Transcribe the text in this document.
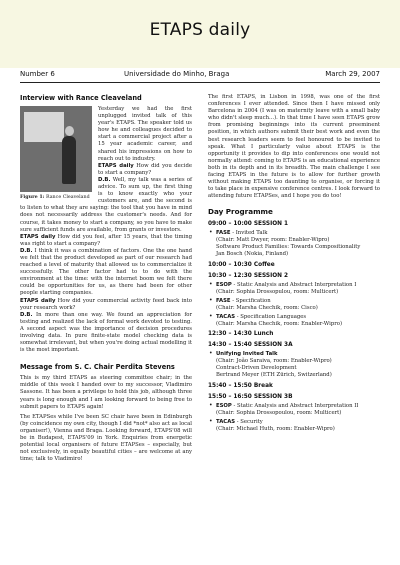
ETAPS daily
Number 6	Universidade do Minho, Braga	March 29, 2007
Interview with Rance Cleaveland
Figure 1: Rance Cleaveland

Yesterday we had the first unplugged invited talk of this year's ETAPS. The speaker told us how he and colleagues decided to start a commercial project after a 15 year academic career, and shared his impressions on how to reach out to industry.

ETAPS daily How did you decide to start a company?

D.B. Well, my talk was a series of advice. To sum up, the first thing is to know exactly who your customers are, and the second is to listen to what they are saying: the tool that you have in mind does not necessarily address the customer's needs. And for course, it takes money to start a company, so you have to make sure sufficient funds are available, from grants or investors.

ETAPS daily How did you feel, after 15 years, that the timing was right to start a company?

D.B. I think it was a combination of factors. One the one hand we felt that the product developed as part of our research had reached a level of maturity that allowed us to commercialize it successfully. The other factor had to to do with the environment at the time: with the internet boom we felt there could be opportunities for us, as there had been for other people starting companies.

ETAPS daily How did your commercial activity feed back into your research work?

D.B. In more than one way. We found an appreciation for testing and realized the lack of formal work devoted to testing. A second aspect was the importance of decision procedures involving data. In pure finite-state model checking data is somewhat irrelevant, but when you're doing actual modelling it is the most important.

Message from S. C. Chair Perdita Stevens

This is my third ETAPS as steering committee chair; in the middle of this week I handed over to my successor, Vladimiro Sassone. It has been a privilege to hold this job, although three years is long enough and I am looking forward to being free to submit papers to ETAPS again!

The ETAPSes while I've been SC chair have been in Edinburgh (by coincidence my own city, though I did *not* also act as local organiser!), Vienna and Braga. Looking forward, ETAPS'08 will be in Budapest, ETAPS'09 in York. Enquiries from energetic potential local organisers of future ETAPSes – especially, but not exclusively, in equally beautiful cities – are welcome at any time; talk to Vladimiro!

The first ETAPS, in Lisbon in 1998, was one of the first conferences I ever attended. Since then I have missed only Barcelona in 2004 (I was on maternity leave with a small baby who didn't sleep much...). In that time I have seen ETAPS grow from promising beginnings into its current preeminent position, in which authors submit their best work and even the best research leaders seem to feel honoured to be invited to speak. What I particularly value about ETAPS is the opportunity it provides to dip into conferences one would not normally attend: coming to ETAPS is an educational experience both in its depth and in its breadth. The main challenge I see facing ETAPS in the future is to allow for further growth without making ETAPS too daunting to organise, or forcing it to take place in expensive conference centres. I look forward to attending future ETAPSes, and I hope you do too!

Day Programme
09:00 – 10:00 SESSION 1
• FASE - Invited Talk
(Chair: Matt Dwyer, room: Enabler-Wipro)
Software Product Families: Towards Compositionality
Jan Bosch (Nokia, Finland)
10:00 – 10:30 Coffee
10:30 – 12:30 SESSION 2
• ESOP - Static Analysis and Abstract Interpretation I
(Chair: Sophia Drossopulou, room: Multicert)
• FASE - Specification
(Chair: Marsha Chechik, room: Cisco)
• TACAS - Specification Languages
(Chair: Marsha Chechik, room: Enabler-Wipro)
12:30 – 14:30 Lunch
14:30 – 15:40 SESSION 3A
• Unifying Invited Talk
(Chair: João Saraiva, room: Enabler-Wipro)
Contract-Driven Development
Bertrand Meyer (ETH Zürich, Switzerland)
15:40 – 15:50 Break
15:50 – 16:50 SESSION 3B
• ESOP - Static Analysis and Abstract Interpretation II
(Chair: Sophia Drossopoulou, room: Multicert)
• TACAS - Security
(Chair: Michael Huth, room: Enabler-Wipro)
